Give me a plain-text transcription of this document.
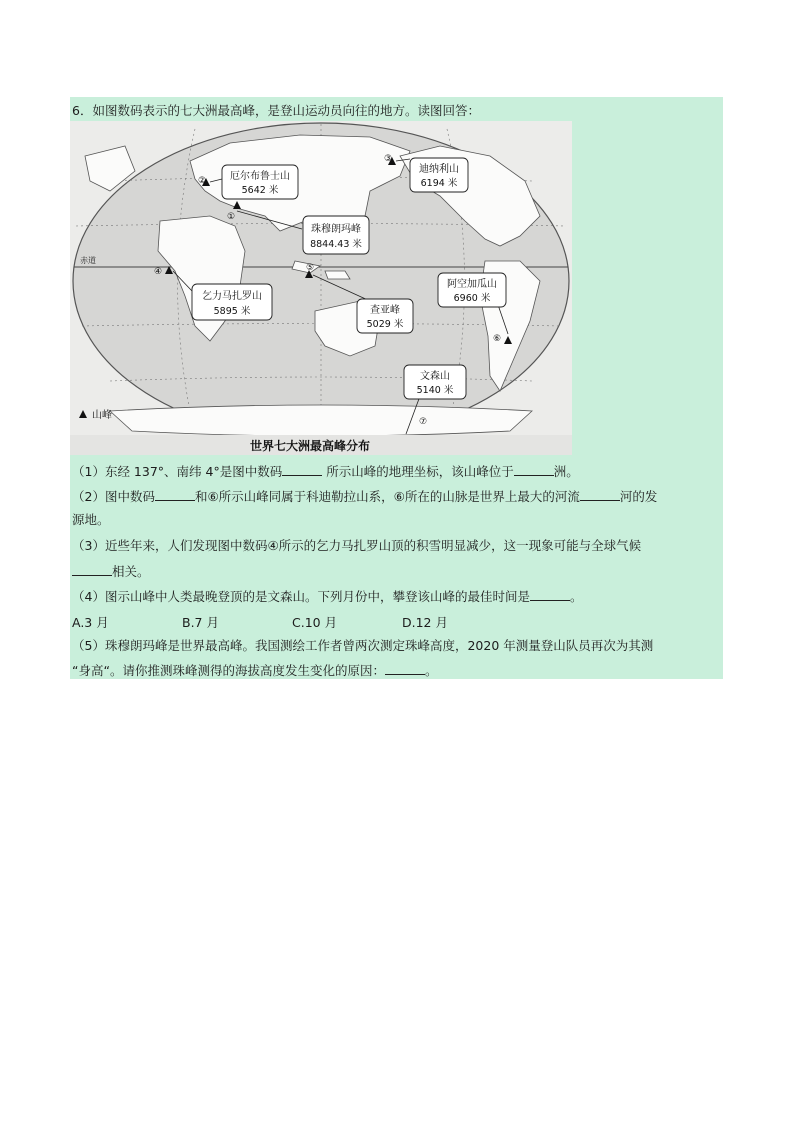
6．如图数码表示的七大洲最高峰，是登山运动员向往的地方。读图回答：
赤道
①
②
③
④	⑤
⑥
⑦
珠穆朗玛峰
8844.43 米
厄尔布鲁士山
5642 米
迪纳利山
6194 米
乞力马扎罗山
5895 米	查亚峰
5029 米
阿空加瓜山
6960 米
文森山
5140 米
山峰
世界七大洲最高峰分布
（1）东经 137°、南纬 4°是图中数码	所示山峰的地理坐标，该山峰位于	洲。
（2）图中数码	和⑥所示山峰同属于科迪勒拉山系，⑥所在的山脉是世界上最大的河流	河的发
源地。
（3）近些年来，人们发现图中数码④所示的乞力马扎罗山顶的积雪明显减少，这一现象可能与全球气候
相关。
（4）图示山峰中人类最晚登顶的是文森山。下列月份中，攀登该山峰的最佳时间是	。
A.3 月	B.7 月	C.10 月	D.12 月
（5）珠穆朗玛峰是世界最高峰。我国测绘工作者曾两次测定珠峰高度，2020 年测量登山队员再次为其测
“身高“。请你推测珠峰测得的海拔高度发生变化的原因：	。
